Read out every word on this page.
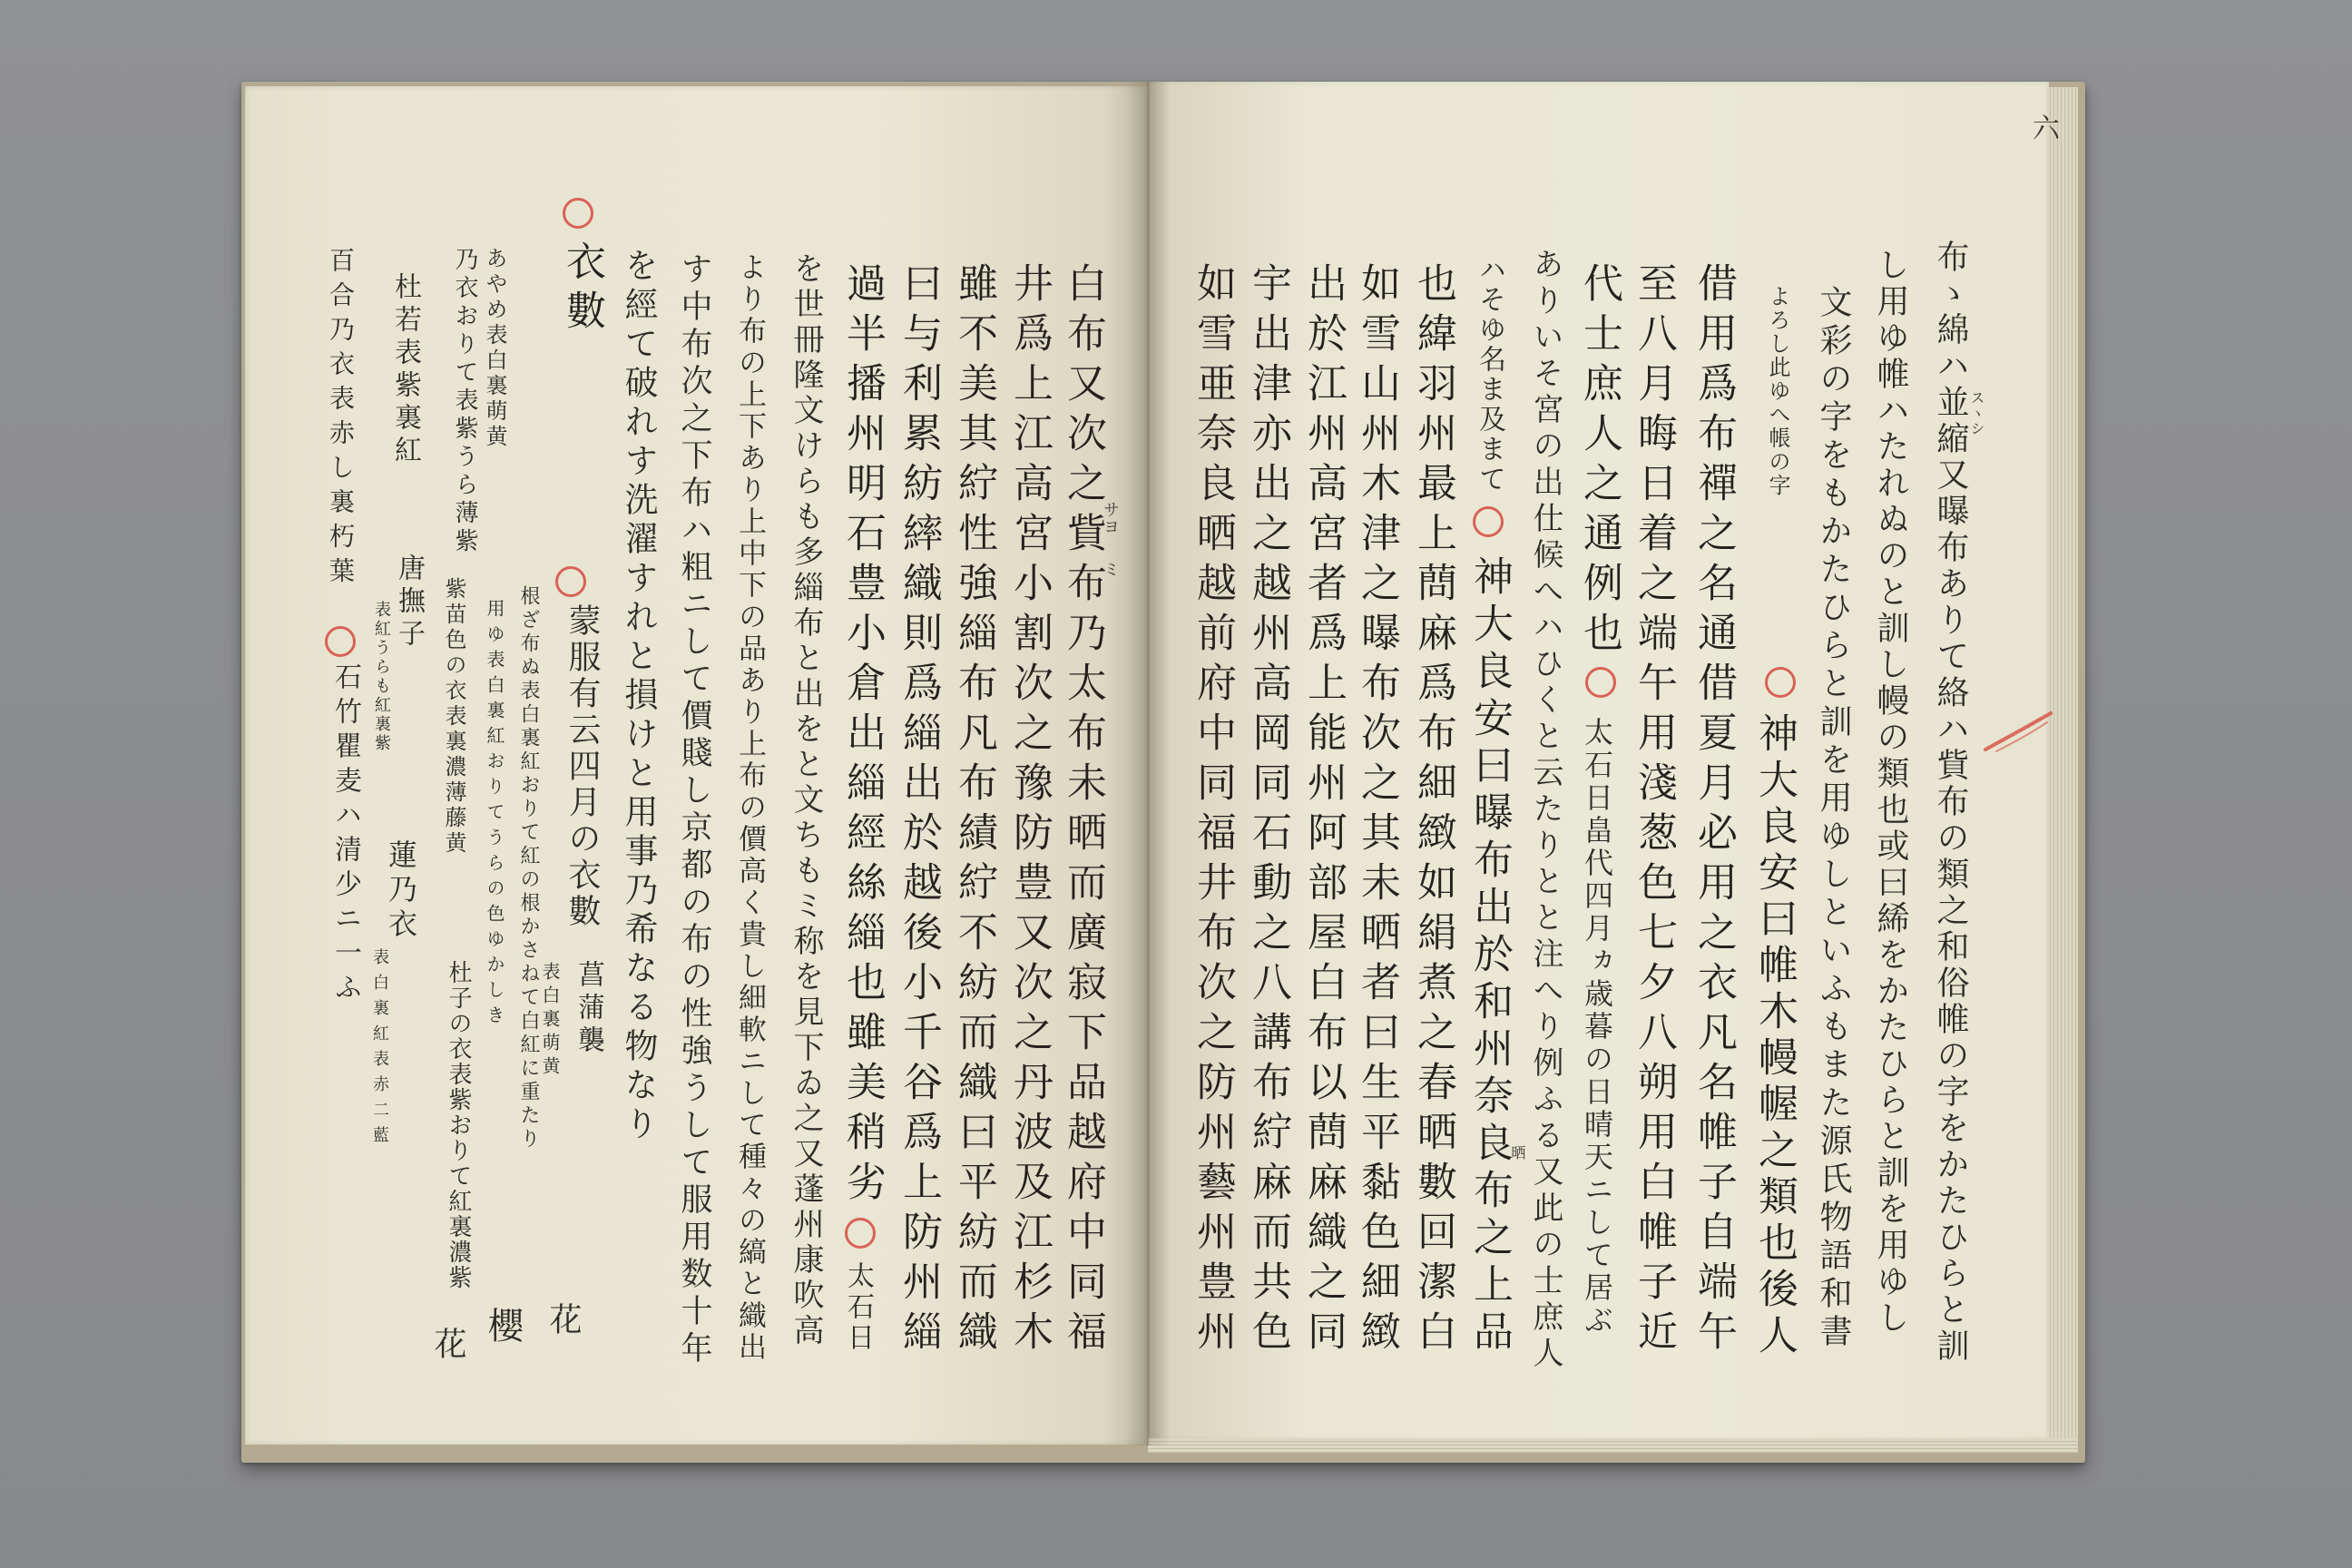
六
布ゝ綿ハ並縮又曝布ありて絡ハ貲布の類之和俗帷の字をかたひらと訓 スヽシ
し用ゆ帷ハたれぬのと訓し幔の類也或曰絺をかたひらと訓を用ゆし
文彩の字をもかたひらと訓を用ゆしといふもまた源氏物語和書
よろし此ゆへ帳の字
神大良安曰帷木幔幄之類也後人
借用爲布禪之名通借夏月必用之衣凡名帷子自端午
至八月晦日着之端午用淺葱色七夕八朔用白帷子近
代士庶人之通例也
太石日畠代四月ヵ歳暮の日晴天ニして居ぶ
ありいそ宮の出仕候へハひくと云たりとと注へり例ふる又此の士庶人
ハそゆ名ま及まて
神大良安曰曝布出於和州奈良布之上品
晒
也緯羽州最上蔄麻爲布細緻如絹煮之春晒數回潔白
如雪山州木津之曝布次之其未晒者曰生平黏色細緻
出於江州高宮者爲上能州阿部屋白布以蔄麻織之同
宇出津亦出之越州高岡同石動之八講布紵麻而共色
如雪亜奈良晒越前府中同福井布次之防州藝州豊州
白布又次之貲布乃太布未晒而廣寂下品越府中同福
サヨ
ミ
井爲上江高宮小割次之豫防豊又次之丹波及江杉木
雖不美其紵性強緇布凡布績紵不紡而織曰平紡而織
曰与利累紡繂織則爲緇出於越後小千谷爲上防州緇
過半播州明石豊小倉出緇經絲緇也雖美稍劣
太石日
を世冊隆文けらも多緇布と出をと文ちもミ称を見下ゐ之又蓬州康吹高
より布の上下あり上中下の品あり上布の價高く貴し細軟ニして種々の縞と織出
す中布次之下布ハ粗ニして價賤し京都の布の性強うして服用数十年
を經て破れす洗濯すれと損けと用事乃希なる物なり
衣數
蒙服有云四月の衣數
菖蒲襲
表白裏萌黄
根ざ布ぬ表白裏紅おりて紅の根かさねて白紅に重たり
あやめ表白裏萌黄
用ゆ表白裏紅おりてうらの色ゆかしき
乃衣おりて表紫うら薄紫
紫苗色の衣表裏濃薄藤黄
杜子の衣表紫おりて紅裏濃紫
杜若表紫裏紅
唐撫子
表紅うらも紅裏紫
蓮乃衣
表白裏紅表赤二藍
百合乃衣表赤し裏朽葉
石竹瞿麦ハ清少ニ一ふ
花
櫻
花
